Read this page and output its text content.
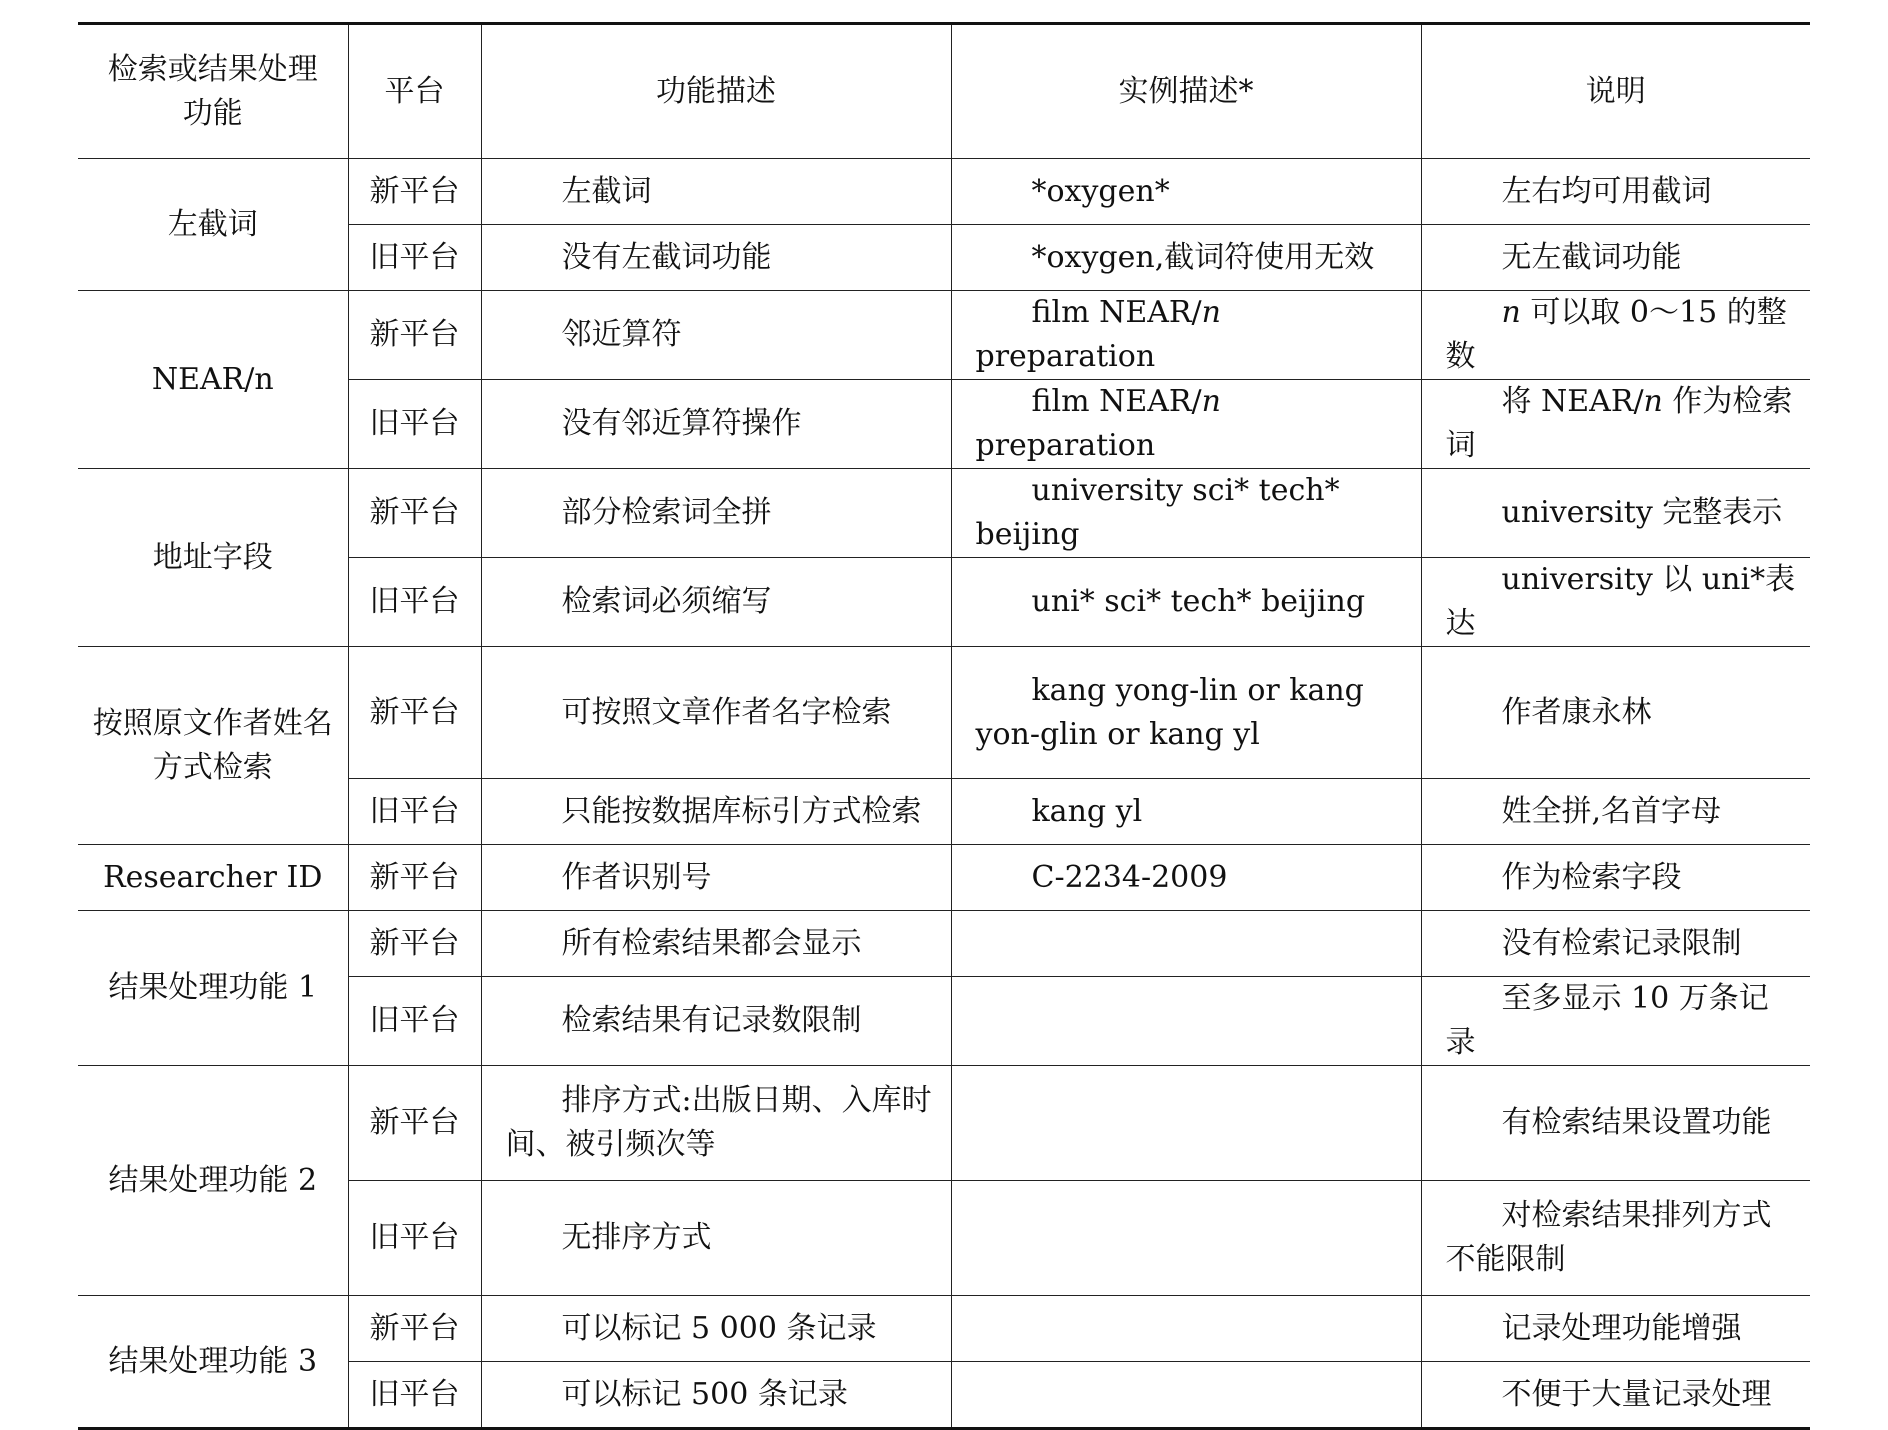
检索或结果处理功能	平台	功能描述	实例描述*	说明
左截词	新平台	左截词	*oxygen*	左右均可用截词
	旧平台	没有左截词功能	*oxygen,截词符使用无效	无左截词功能
NEAR/n	新平台	邻近算符	film NEAR/n preparation	n 可以取 0～15 的整数
	旧平台	没有邻近算符操作	film NEAR/n preparation	将 NEAR/n 作为检索词
地址字段	新平台	部分检索词全拼	university sci* tech* beijing	university 完整表示
	旧平台	检索词必须缩写	uni* sci* tech* beijing	university 以 uni*表达
按照原文作者姓名方式检索	新平台	可按照文章作者名字检索	kang yong-lin or kang yon-glin or kang yl	作者康永林
	旧平台	只能按数据库标引方式检索	kang yl	姓全拼,名首字母
Researcher ID	新平台	作者识别号	C-2234-2009	作为检索字段
结果处理功能 1	新平台	所有检索结果都会显示		没有检索记录限制
	旧平台	检索结果有记录数限制		至多显示 10 万条记录
结果处理功能 2	新平台	排序方式:出版日期、入库时间、被引频次等		有检索结果设置功能
	旧平台	无排序方式		对检索结果排列方式不能限制
结果处理功能 3	新平台	可以标记 5 000 条记录		记录处理功能增强
	旧平台	可以标记 500 条记录		不便于大量记录处理
